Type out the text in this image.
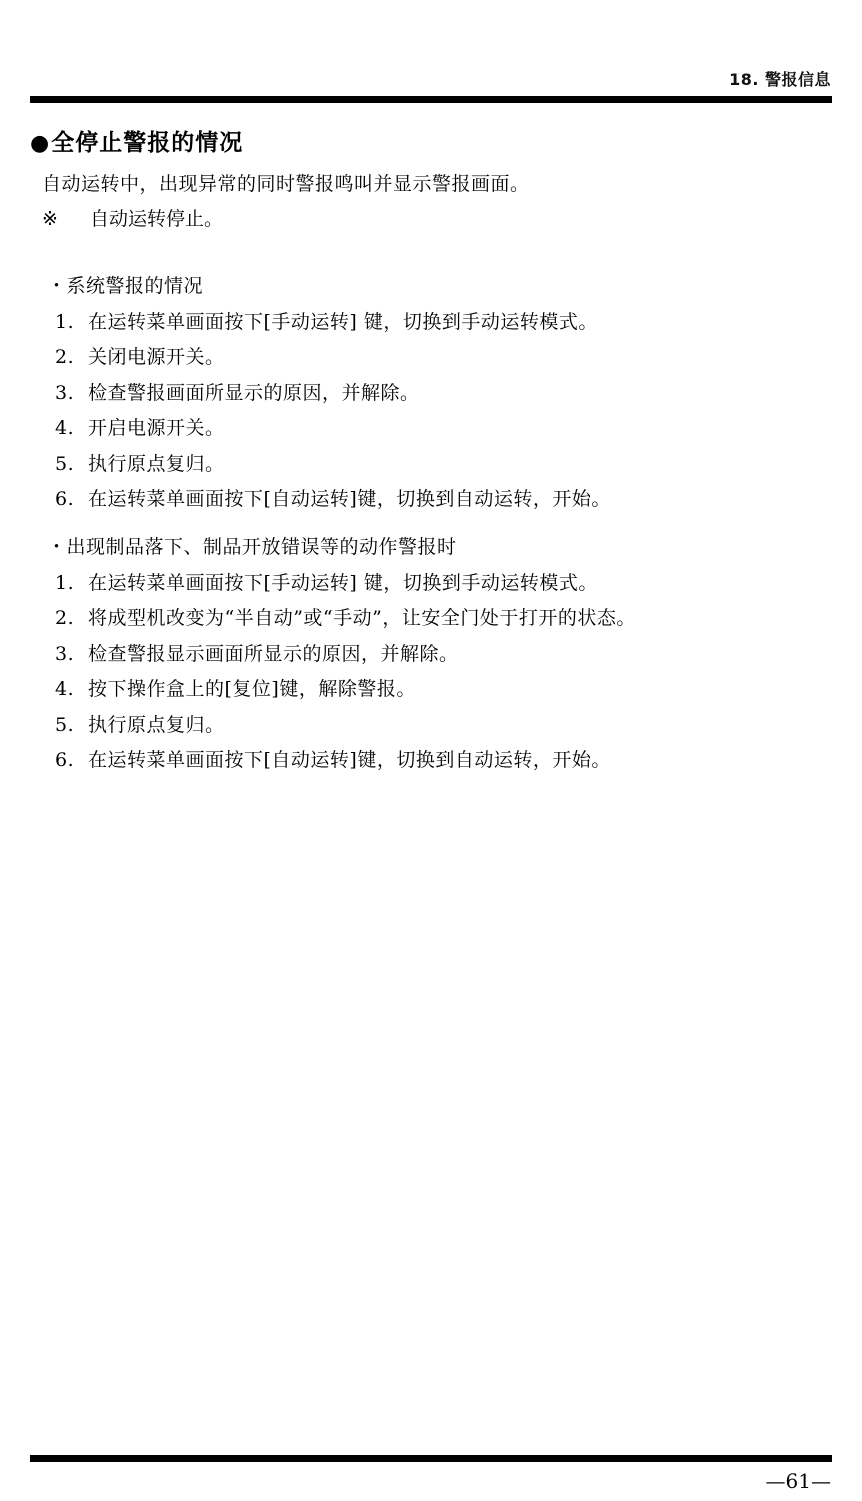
18. 警报信息
● 全停止警报的情况
自动运转中，出现异常的同时警报鸣叫并显示警报画面。
※	自动运转停止。
・系统警报的情况
1. 在运转菜单画面按下[手动运转] 键，切换到手动运转模式。
2. 关闭电源开关。
3. 检查警报画面所显示的原因，并解除。
4. 开启电源开关。
5. 执行原点复归。
6. 在运转菜单画面按下[自动运转]键，切换到自动运转，开始。
・出现制品落下、制品开放错误等的动作警报时
1. 在运转菜单画面按下[手动运转] 键，切换到手动运转模式。
2. 将成型机改变为“半自动”或“手动”，让安全门处于打开的状态。
3. 检查警报显示画面所显示的原因，并解除。
4. 按下操作盒上的[复位]键，解除警报。
5. 执行原点复归。
6. 在运转菜单画面按下[自动运转]键，切换到自动运转，开始。
—61—
